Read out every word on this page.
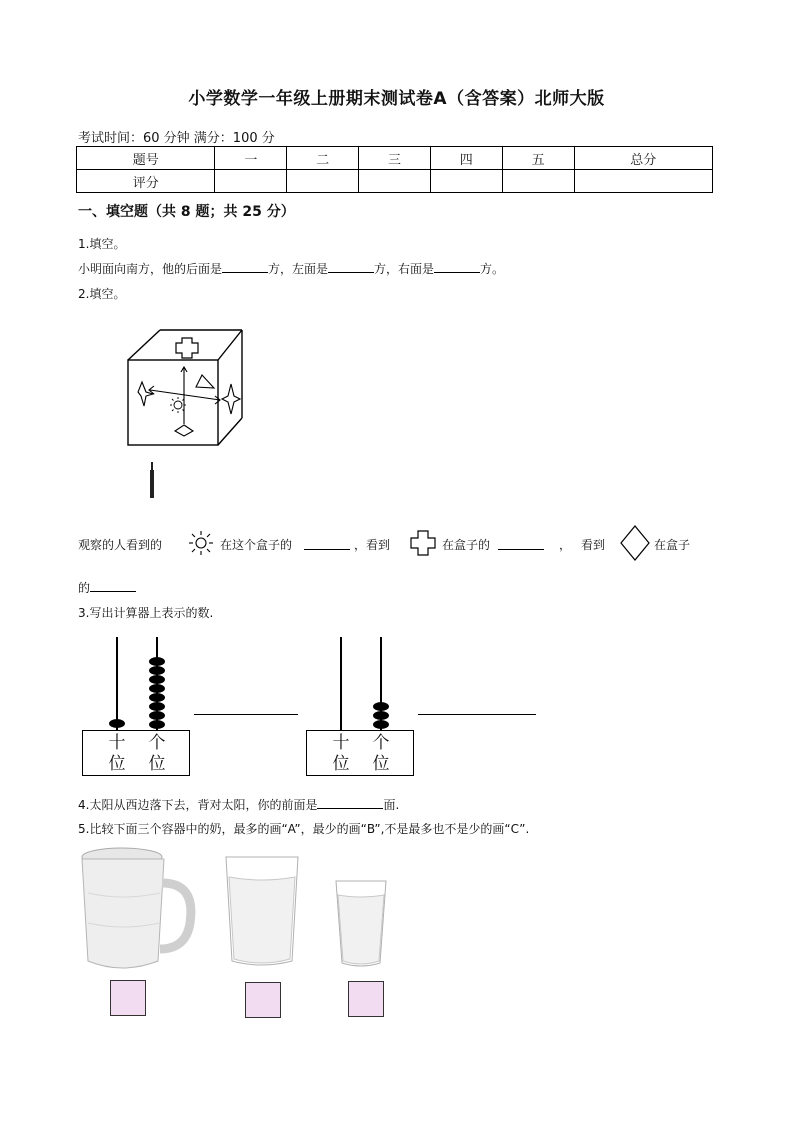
小学数学一年级上册期末测试卷A（含答案）北师大版
考试时间：60 分钟 满分：100 分
题号	一	二	三	四	五	总分
评分						
一、填空题（共 8 题；共 25 分）
1.填空。
小明面向南方，他的后面是	方，左面是	方，右面是	方。
2.填空。
观察的人看到的	在这个盒子的	，看到	在盒子的	， 看到	在盒子
的
3.写出计算器上表示的数.
十位
个位
十位
个位
4.太阳从西边落下去，背对太阳，你的前面是	面.
5.比较下面三个容器中的奶，最多的画“A”，最少的画“B”,不是最多也不是少的画“C”.
